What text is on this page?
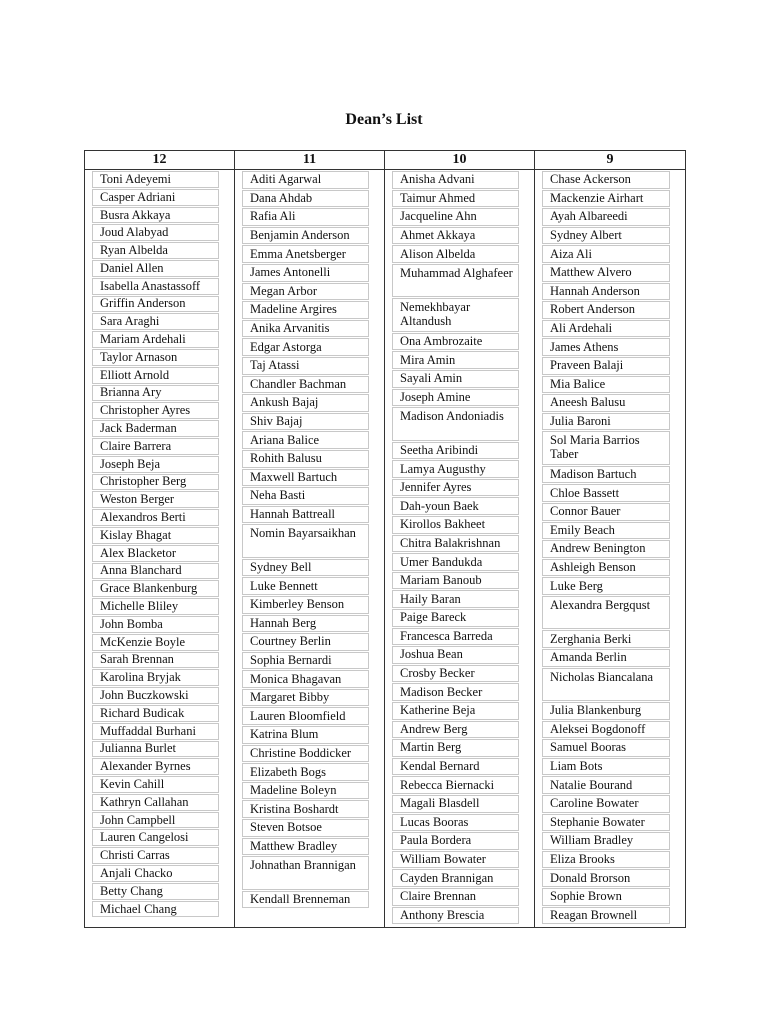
Dean’s List
12
Toni Adeyemi
Casper Adriani
Busra Akkaya
Joud Alabyad
Ryan Albelda
Daniel Allen
Isabella Anastassoff
Griffin Anderson
Sara Araghi
Mariam Ardehali
Taylor Arnason
Elliott Arnold
Brianna Ary
Christopher Ayres
Jack Baderman
Claire Barrera
Joseph Beja
Christopher Berg
Weston Berger
Alexandros Berti
Kislay Bhagat
Alex Blacketor
Anna Blanchard
Grace Blankenburg
Michelle Bliley
John Bomba
McKenzie Boyle
Sarah Brennan
Karolina Bryjak
John Buczkowski
Richard Budicak
Muffaddal Burhani
Julianna Burlet
Alexander Byrnes
Kevin Cahill
Kathryn Callahan
John Campbell
Lauren Cangelosi
Christi Carras
Anjali Chacko
Betty Chang
Michael Chang
11
Aditi Agarwal
Dana Ahdab
Rafia Ali
Benjamin Anderson
Emma Anetsberger
James Antonelli
Megan Arbor
Madeline Argires
Anika Arvanitis
Edgar Astorga
Taj Atassi
Chandler Bachman
Ankush Bajaj
Shiv Bajaj
Ariana Balice
Rohith Balusu
Maxwell Bartuch
Neha Basti
Hannah Battreall
Nomin Bayarsaikhan
Sydney Bell
Luke Bennett
Kimberley Benson
Hannah Berg
Courtney Berlin
Sophia Bernardi
Monica Bhagavan
Margaret Bibby
Lauren Bloomfield
Katrina Blum
Christine Boddicker
Elizabeth Bogs
Madeline Boleyn
Kristina Boshardt
Steven Botsoe
Matthew Bradley
Johnathan Brannigan
Kendall Brenneman
10
Anisha Advani
Taimur Ahmed
Jacqueline Ahn
Ahmet Akkaya
Alison Albelda
Muhammad Alghafeer
Nemekhbayar Altandush
Ona Ambrozaite
Mira Amin
Sayali Amin
Joseph Amine
Madison Andoniadis
Seetha Aribindi
Lamya Augusthy
Jennifer Ayres
Dah-youn Baek
Kirollos Bakheet
Chitra Balakrishnan
Umer Bandukda
Mariam Banoub
Haily Baran
Paige Bareck
Francesca Barreda
Joshua Bean
Crosby Becker
Madison Becker
Katherine Beja
Andrew Berg
Martin Berg
Kendal Bernard
Rebecca Biernacki
Magali Blasdell
Lucas Booras
Paula Bordera
William Bowater
Cayden Brannigan
Claire Brennan
Anthony Brescia
9
Chase Ackerson
Mackenzie Airhart
Ayah Albareedi
Sydney Albert
Aiza Ali
Matthew Alvero
Hannah Anderson
Robert Anderson
Ali Ardehali
James Athens
Praveen Balaji
Mia Balice
Aneesh Balusu
Julia Baroni
Sol Maria Barrios Taber
Madison Bartuch
Chloe Bassett
Connor Bauer
Emily Beach
Andrew Benington
Ashleigh Benson
Luke Berg
Alexandra Bergqust
Zerghania Berki
Amanda Berlin
Nicholas Biancalana
Julia Blankenburg
Aleksei Bogdonoff
Samuel Booras
Liam Bots
Natalie Bourand
Caroline Bowater
Stephanie Bowater
William Bradley
Eliza Brooks
Donald Brorson
Sophie Brown
Reagan Brownell
